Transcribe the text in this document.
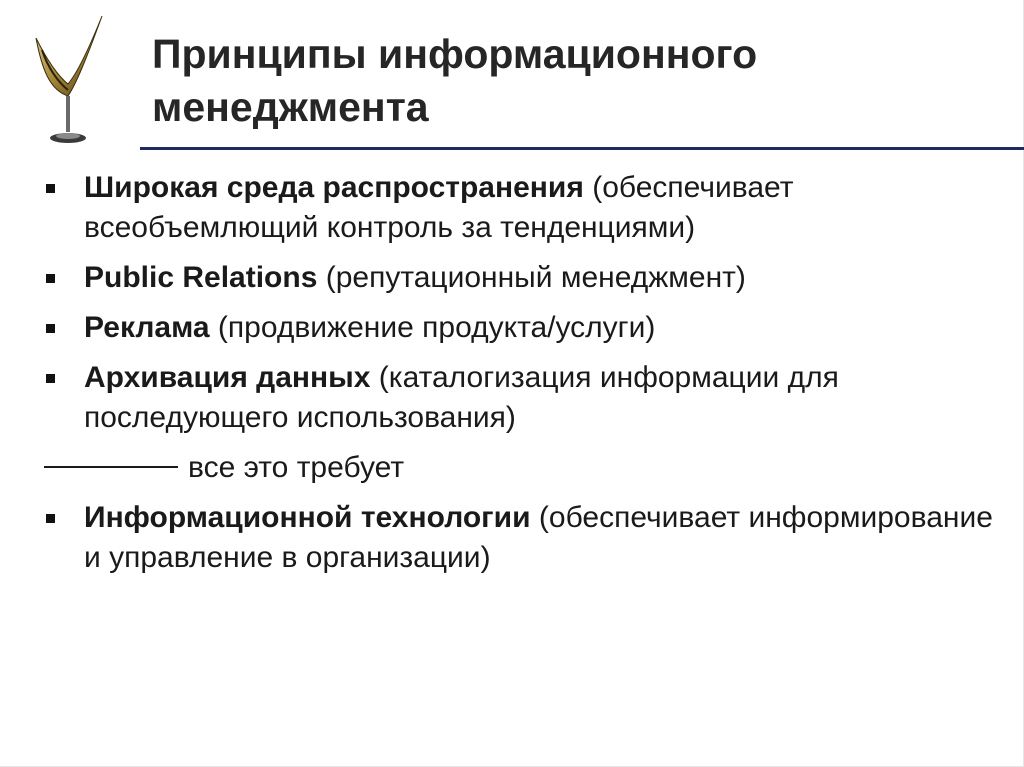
Принципы информационного менеджмента
Широкая среда распространения (обеспечивает всеобъемлющий контроль за тенденциями)
Public Relations (репутационный менеджмент)
Реклама (продвижение продукта/услуги)
Архивация данных (каталогизация информации для последующего использования)
все это требует
Информационной технологии (обеспечивает информирование и управление в организации)
